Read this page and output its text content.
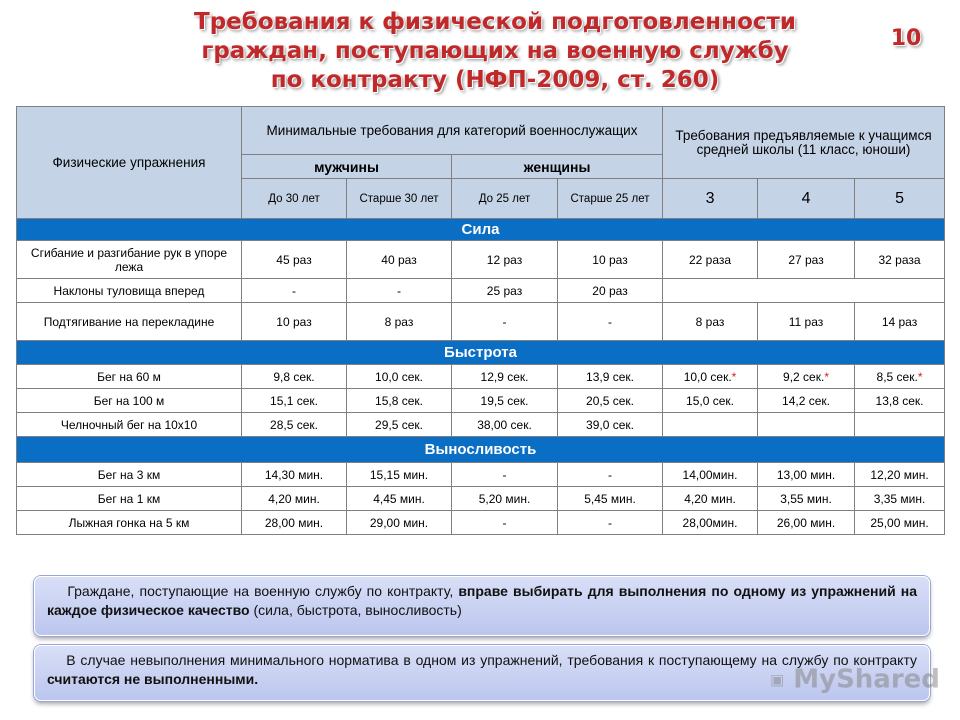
Требования к физической подготовленности
граждан, поступающих на военную службу
по контракту (НФП-2009, ст. 260)
10
Физические упражнения	Минимальные требования для категорий военнослужащих				Требования предъявляемые к учащимся средней школы (11 класс, юноши)		
	мужчины		женщины				
	До 30 лет	Старше 30 лет	До 25 лет	Старше 25 лет	3	4	5
Сила							
Сгибание и разгибание рук в упоре лежа	45 раз	40 раз	12 раз	10 раз	22 раза	27 раз	32 раза
Наклоны туловища вперед	-	-	25 раз	20 раз			
Подтягивание на перекладине	10 раз	8 раз	-	-	8 раз	11 раз	14 раз
Быстрота							
Бег на 60 м	9,8 сек.	10,0 сек.	12,9 сек.	13,9 сек.	10,0 сек.*	9,2 сек.*	8,5 сек.*
Бег на 100 м	15,1 сек.	15,8 сек.	19,5 сек.	20,5 сек.	15,0 сек.	14,2 сек.	13,8 сек.
Челночный бег на 10х10	28,5 сек.	29,5 сек.	38,00 сек.	39,0 сек.			
Выносливость							
Бег на 3 км	14,30 мин.	15,15 мин.	-	-	14,00мин.	13,00 мин.	12,20 мин.
Бег на 1 км	4,20 мин.	4,45 мин.	5,20 мин.	5,45 мин.	4,20 мин.	3,55 мин.	3,35 мин.
Лыжная гонка на 5 км	28,00 мин.	29,00 мин.	-	-	28,00мин.	26,00 мин.	25,00 мин.
Граждане, поступающие на военную службу по контракту, вправе выбирать для выполнения по одному из упражнений на каждое физическое качество (сила, быстрота, выносливость)
В случае невыполнения минимального норматива в одном из упражнений, требования к поступающему на службу по контракту считаются не выполненными.	▣ MyShared
